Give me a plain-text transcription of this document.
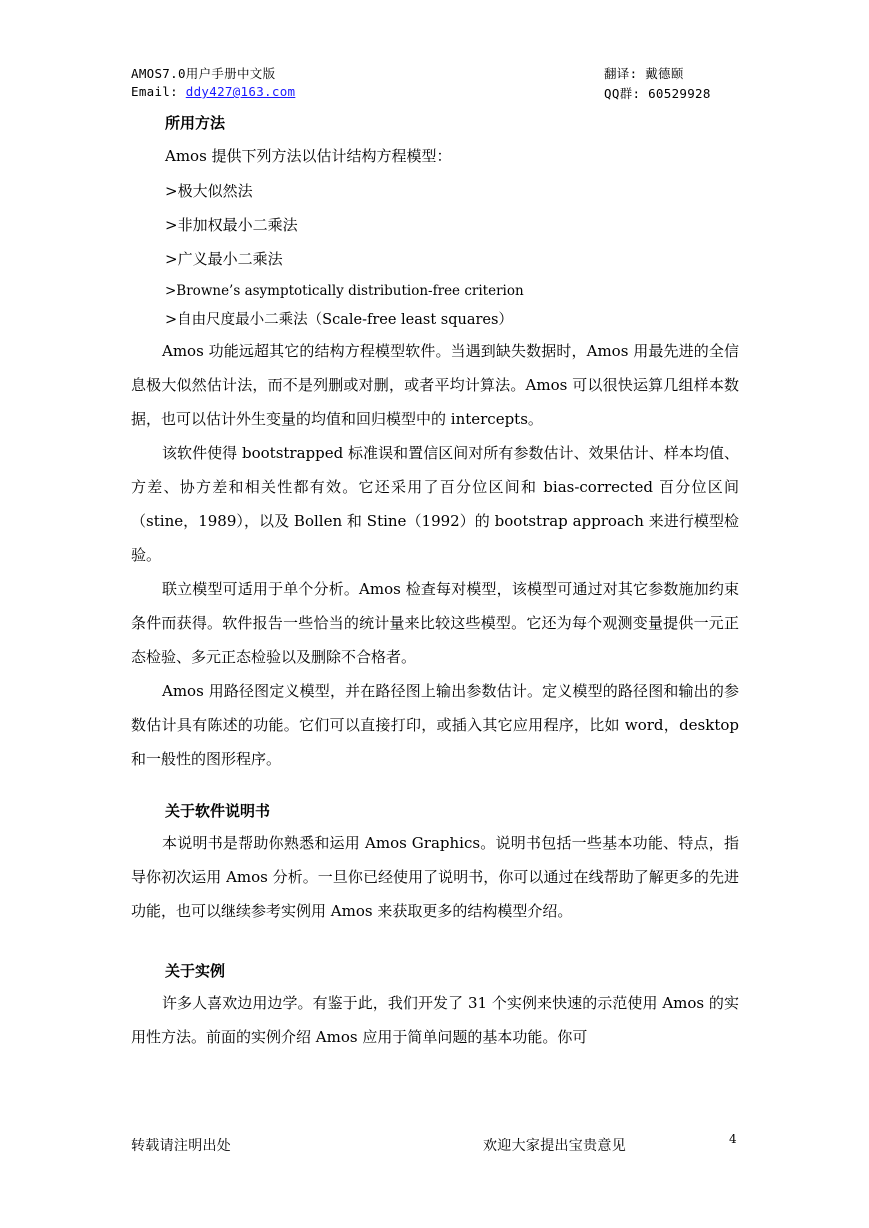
AMOS7.0用户手册中文版
Email: ddy427@163.com
翻译: 戴德颐
QQ群: 60529928
所用方法
Amos 提供下列方法以估计结构方程模型：
>极大似然法
>非加权最小二乘法
>广义最小二乘法
>Browne’s asymptotically distribution-free criterion
>自由尺度最小二乘法（Scale-free least squares）

Amos 功能远超其它的结构方程模型软件。当遇到缺失数据时，Amos 用最先进的全信息极大似然估计法，而不是列删或对删，或者平均计算法。Amos 可以很快运算几组样本数据，也可以估计外生变量的均值和回归模型中的 intercepts。

该软件使得 bootstrapped 标准误和置信区间对所有参数估计、效果估计、样本均值、方差、协方差和相关性都有效。它还采用了百分位区间和 bias-corrected 百分位区间（stine，1989），以及 Bollen 和 Stine（1992）的 bootstrap approach 来进行模型检验。

联立模型可适用于单个分析。Amos 检查每对模型，该模型可通过对其它参数施加约束条件而获得。软件报告一些恰当的统计量来比较这些模型。它还为每个观测变量提供一元正态检验、多元正态检验以及删除不合格者。

Amos 用路径图定义模型，并在路径图上输出参数估计。定义模型的路径图和输出的参数估计具有陈述的功能。它们可以直接打印，或插入其它应用程序，比如 word，desktop 和一般性的图形程序。

关于软件说明书

本说明书是帮助你熟悉和运用 Amos Graphics。说明书包括一些基本功能、特点，指导你初次运用 Amos 分析。一旦你已经使用了说明书，你可以通过在线帮助了解更多的先进功能，也可以继续参考实例用 Amos 来获取更多的结构模型介绍。

关于实例

许多人喜欢边用边学。有鉴于此，我们开发了 31 个实例来快速的示范使用 Amos 的实用性方法。前面的实例介绍 Amos 应用于简单问题的基本功能。你可

转载请注明出处	欢迎大家提出宝贵意见	4
